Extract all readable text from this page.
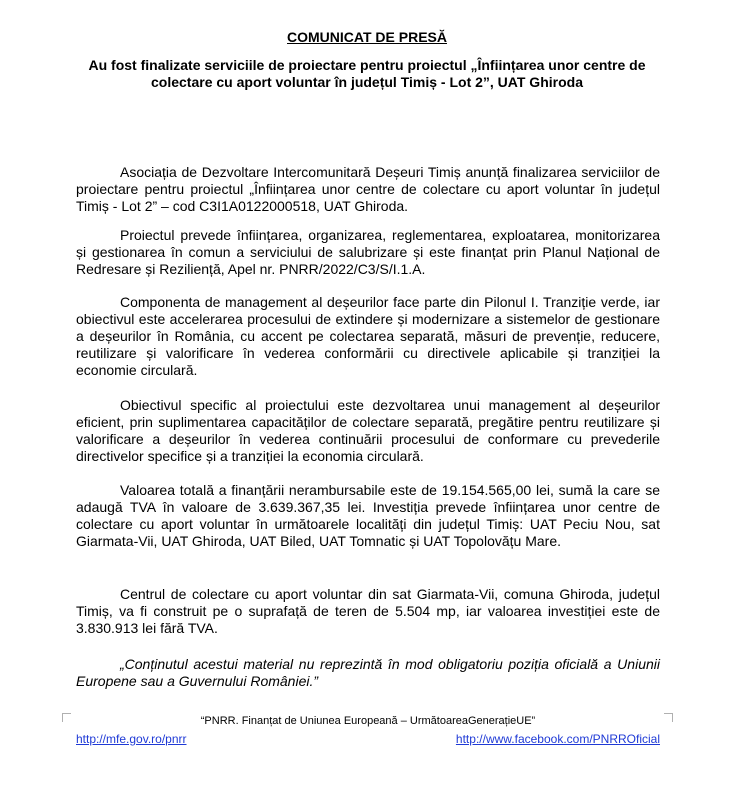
COMUNICAT DE PRESĂ
Au fost finalizate serviciile de proiectare pentru proiectul „Înființarea unor centre de colectare cu aport voluntar în județul Timiș - Lot 2”, UAT Ghiroda

Asociația de Dezvoltare Intercomunitară Deșeuri Timiș anunță finalizarea serviciilor de proiectare pentru proiectul „Înființarea unor centre de colectare cu aport voluntar în județul Timiș - Lot 2” – cod C3I1A0122000518, UAT Ghiroda.

Proiectul prevede înființarea, organizarea, reglementarea, exploatarea, monitorizarea și gestionarea în comun a serviciului de salubrizare și este finanțat prin Planul Național de Redresare și Reziliență, Apel nr. PNRR/2022/C3/S/I.1.A.

Componenta de management al deșeurilor face parte din Pilonul I. Tranziție verde, iar obiectivul este accelerarea procesului de extindere și modernizare a sistemelor de gestionare a deșeurilor în România, cu accent pe colectarea separată, măsuri de prevenție, reducere, reutilizare și valorificare în vederea conformării cu directivele aplicabile și tranziției la economie circulară.

Obiectivul specific al proiectului este dezvoltarea unui management al deșeurilor eficient, prin suplimentarea capacităților de colectare separată, pregătire pentru reutilizare și valorificare a deșeurilor în vederea continuării procesului de conformare cu prevederile directivelor specifice și a tranziției la economia circulară.

Valoarea totală a finanțării nerambursabile este de 19.154.565,00 lei, sumă la care se adaugă TVA în valoare de 3.639.367,35 lei. Investiția prevede înființarea unor centre de colectare cu aport voluntar în următoarele localități din județul Timiș: UAT Peciu Nou, sat Giarmata-Vii, UAT Ghiroda, UAT Biled, UAT Tomnatic și UAT Topolovățu Mare.

Centrul de colectare cu aport voluntar din sat Giarmata-Vii, comuna Ghiroda, județul Timiș, va fi construit pe o suprafață de teren de 5.504 mp, iar valoarea investiției este de 3.830.913 lei fără TVA.

„Conținutul acestui material nu reprezintă în mod obligatoriu poziția oficială a Uniunii Europene sau a Guvernului României.”

“PNRR. Finanțat de Uniunea Europeană – UrmătoareaGenerațieUE”
http://mfe.gov.ro/pnrr	http://www.facebook.com/PNRROficial
